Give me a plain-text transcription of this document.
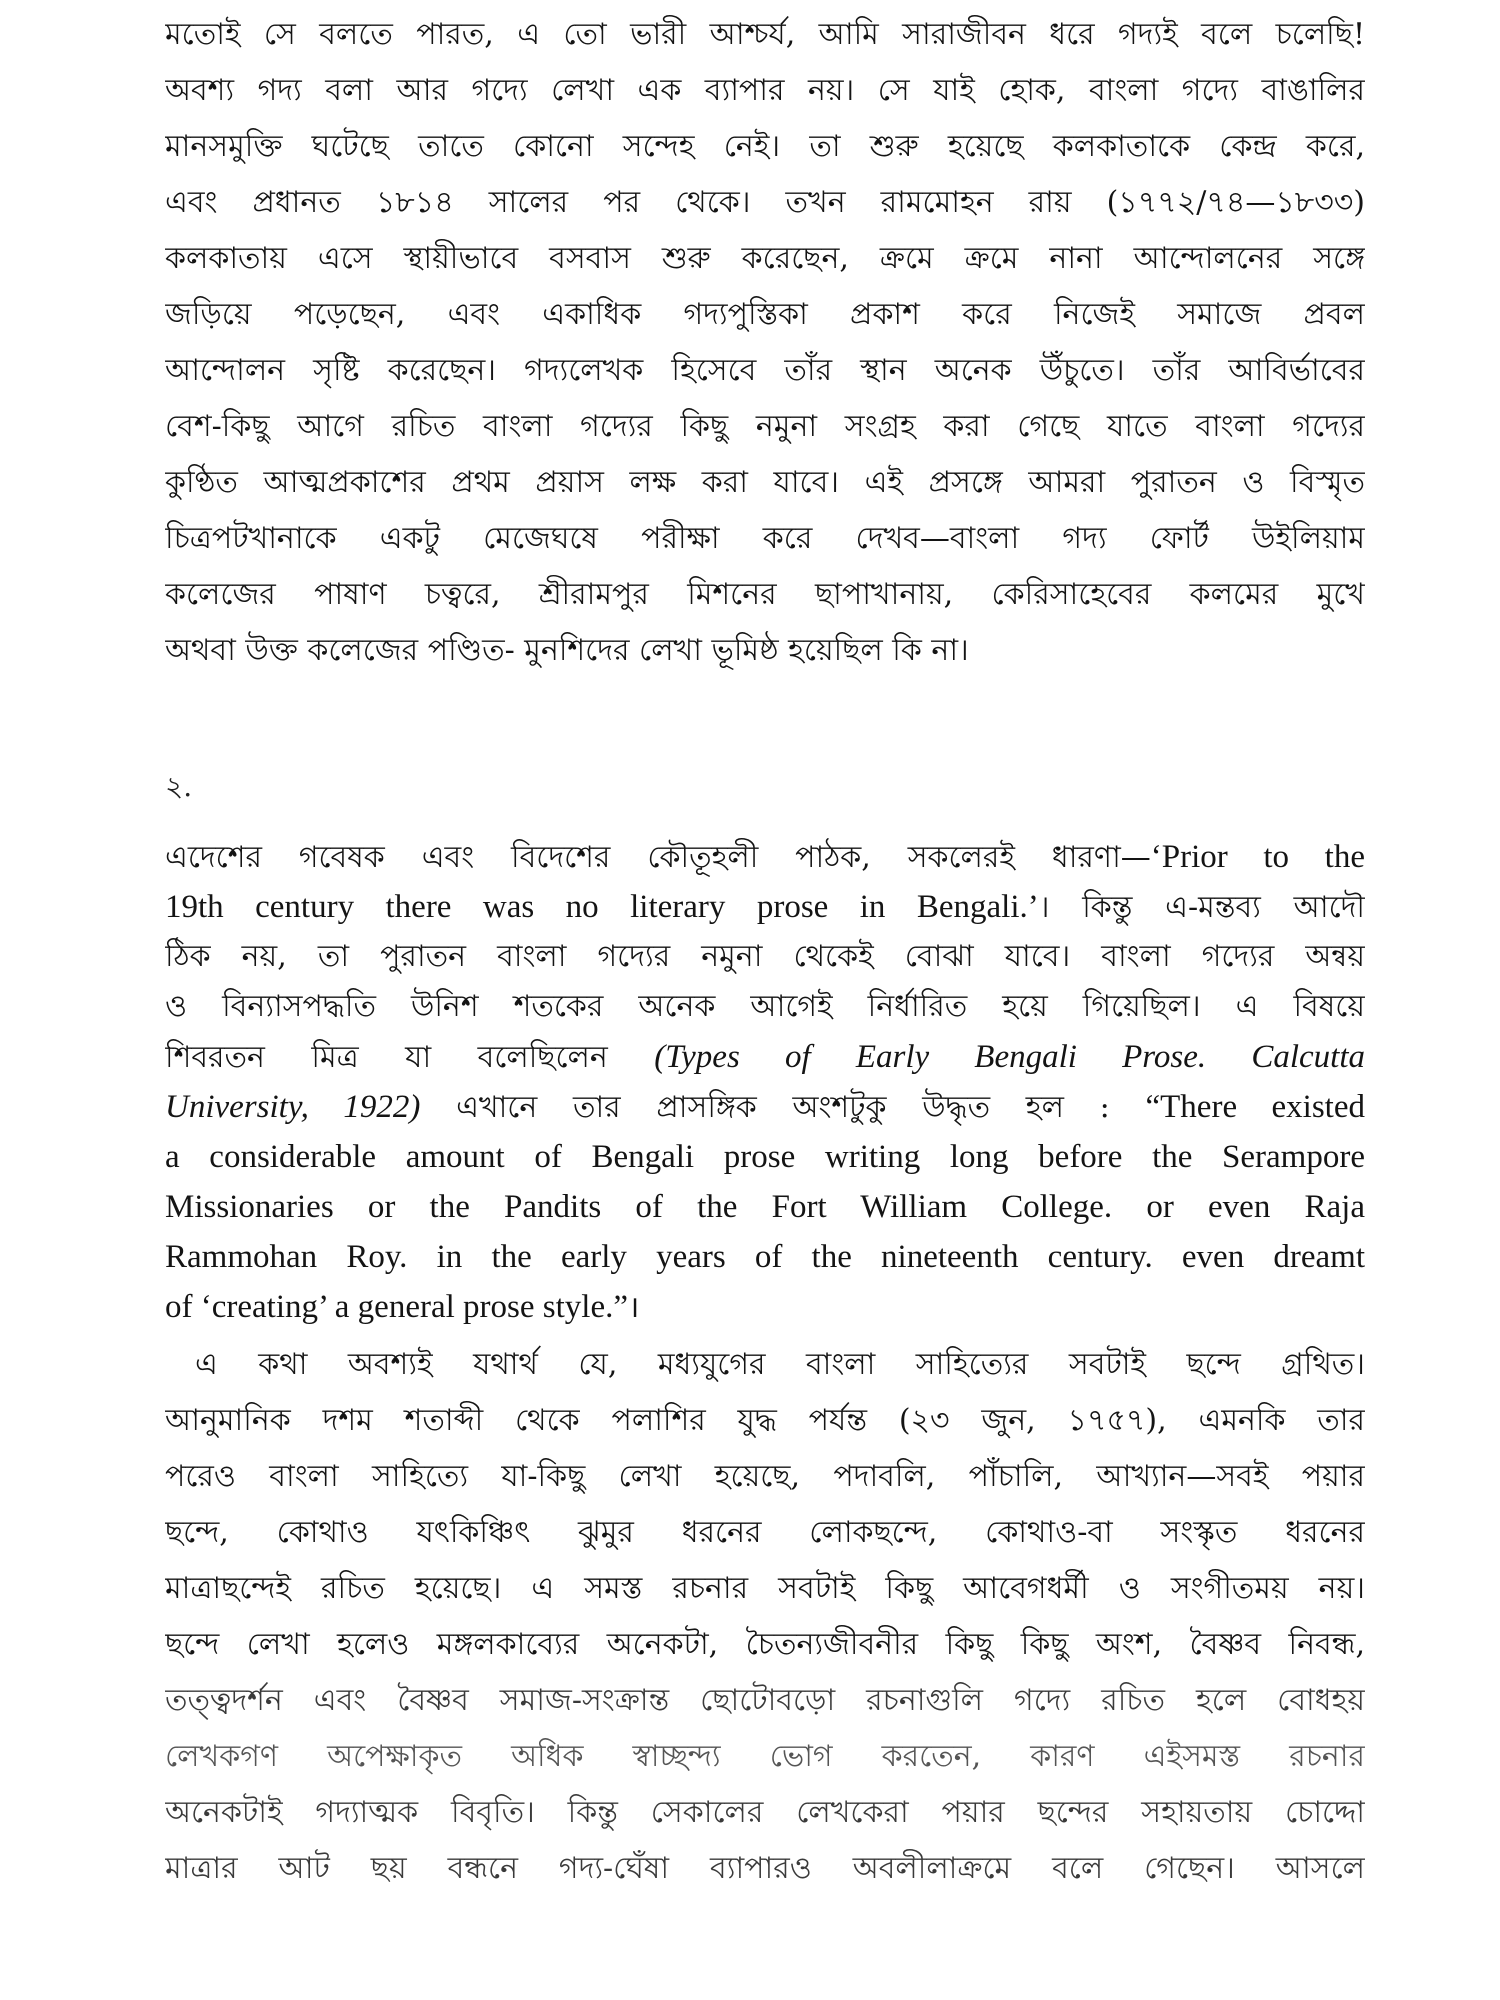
মতোই সে বলতে পারত, এ তো ভারী আশ্চর্য, আমি সারাজীবন ধরে গদ্যই বলে চলেছি!

অবশ্য গদ্য বলা আর গদ্যে লেখা এক ব্যাপার নয়। সে যাই হোক, বাংলা গদ্যে বাঙালির

মানসমুক্তি ঘটেছে তাতে কোনো সন্দেহ নেই। তা শুরু হয়েছে কলকাতাকে কেন্দ্র করে,

এবং প্রধানত ১৮১৪ সালের পর থেকে। তখন রামমোহন রায় (১৭৭২/৭৪—১৮৩৩)

কলকাতায় এসে স্থায়ীভাবে বসবাস শুরু করেছেন, ক্রমে ক্রমে নানা আন্দোলনের সঙ্গে

জড়িয়ে পড়েছেন, এবং একাধিক গদ্যপুস্তিকা প্রকাশ করে নিজেই সমাজে প্রবল

আন্দোলন সৃষ্টি করেছেন। গদ্যলেখক হিসেবে তাঁর স্থান অনেক উঁচুতে। তাঁর আবির্ভাবের

বেশ-কিছু আগে রচিত বাংলা গদ্যের কিছু নমুনা সংগ্রহ করা গেছে যাতে বাংলা গদ্যের

কুণ্ঠিত আত্মপ্রকাশের প্রথম প্রয়াস লক্ষ করা যাবে। এই প্রসঙ্গে আমরা পুরাতন ও বিস্মৃত

চিত্রপটখানাকে একটু মেজেঘষে পরীক্ষা করে দেখব—বাংলা গদ্য ফোর্ট উইলিয়াম

কলেজের পাষাণ চত্বরে, শ্রীরামপুর মিশনের ছাপাখানায়, কেরিসাহেবের কলমের মুখে

অথবা উক্ত কলেজের পণ্ডিত- মুনশিদের লেখা ভূমিষ্ঠ হয়েছিল কি না।

২.

এদেশের গবেষক এবং বিদেশের কৌতূহলী পাঠক, সকলেরই ধারণা—‘Prior to the

19th century there was no literary prose in Bengali.’। কিন্তু এ-মন্তব্য আদৌ

ঠিক নয়, তা পুরাতন বাংলা গদ্যের নমুনা থেকেই বোঝা যাবে। বাংলা গদ্যের অন্বয়

ও বিন্যাসপদ্ধতি উনিশ শতকের অনেক আগেই নির্ধারিত হয়ে গিয়েছিল। এ বিষয়ে

শিবরতন মিত্র যা বলেছিলেন (Types of Early Bengali Prose. Calcutta

University, 1922) এখানে তার প্রাসঙ্গিক অংশটুকু উদ্ধৃত হল : “There existed

a considerable amount of Bengali prose writing long before the Serampore

Missionaries or the Pandits of the Fort William College. or even Raja

Rammohan Roy. in the early years of the nineteenth century. even dreamt

of ‘creating’ a general prose style.”।

এ কথা অবশ্যই যথার্থ যে, মধ্যযুগের বাংলা সাহিত্যের সবটাই ছন্দে গ্রথিত।

আনুমানিক দশম শতাব্দী থেকে পলাশির যুদ্ধ পর্যন্ত (২৩ জুন, ১৭৫৭), এমনকি তার

পরেও বাংলা সাহিত্যে যা-কিছু লেখা হয়েছে, পদাবলি, পাঁচালি, আখ্যান—সবই পয়ার

ছন্দে, কোথাও যৎকিঞ্চিৎ ঝুমুর ধরনের লোকছন্দে, কোথাও-বা সংস্কৃত ধরনের

মাত্রাছন্দেই রচিত হয়েছে। এ সমস্ত রচনার সবটাই কিছু আবেগধর্মী ও সংগীতময় নয়।

ছন্দে লেখা হলেও মঙ্গলকাব্যের অনেকটা, চৈতন্যজীবনীর কিছু কিছু অংশ, বৈষ্ণব নিবন্ধ,

তত্ত্বদর্শন এবং বৈষ্ণব সমাজ-সংক্রান্ত ছোটোবড়ো রচনাগুলি গদ্যে রচিত হলে বোধহয়

লেখকগণ অপেক্ষাকৃত অধিক স্বাচ্ছন্দ্য ভোগ করতেন, কারণ এইসমস্ত রচনার

অনেকটাই গদ্যাত্মক বিবৃতি। কিন্তু সেকালের লেখকেরা পয়ার ছন্দের সহায়তায় চোদ্দো

মাত্রার আট ছয় বন্ধনে গদ্য-ঘেঁষা ব্যাপারও অবলীলাক্রমে বলে গেছেন। আসলে
